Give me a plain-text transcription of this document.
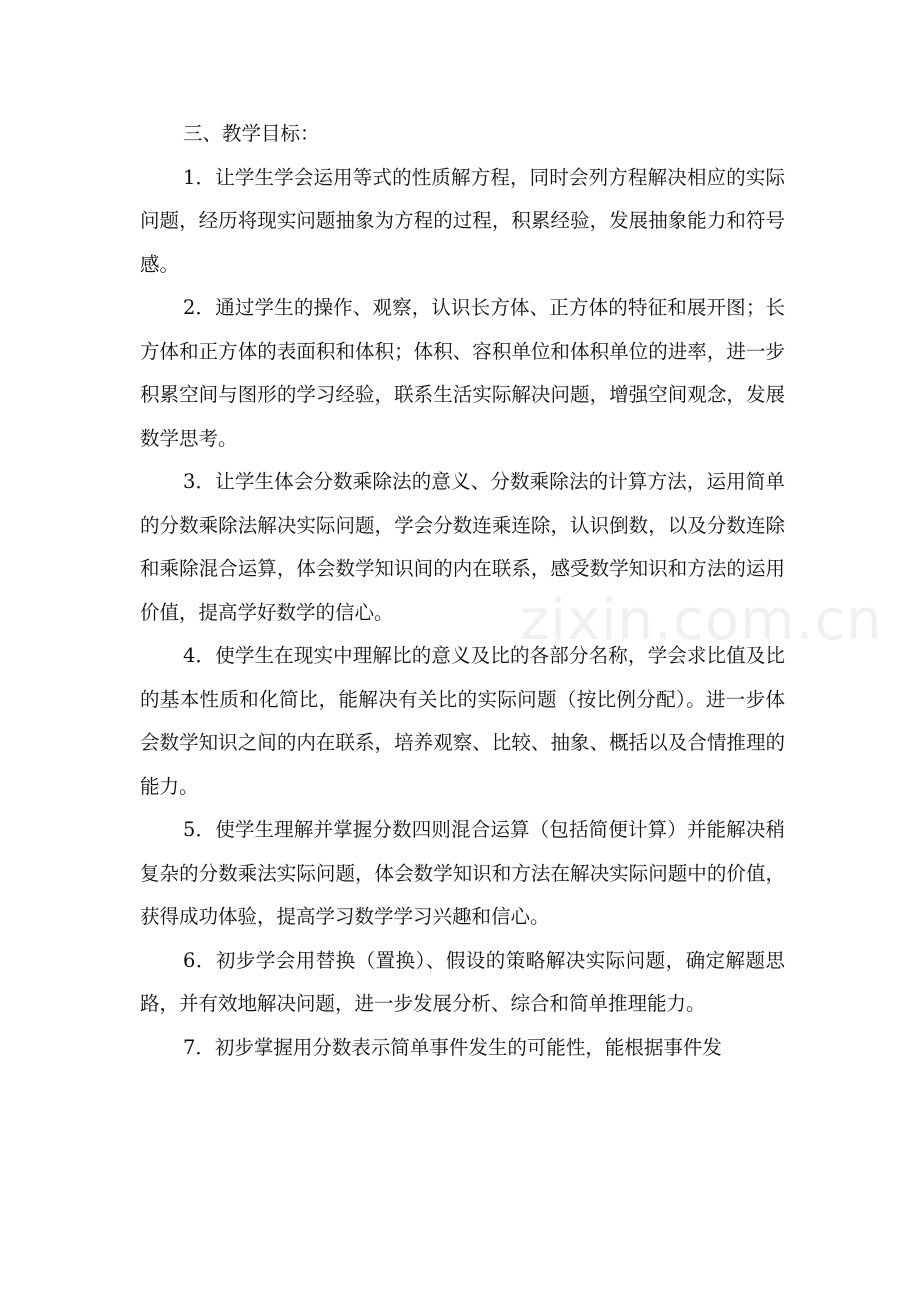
三、教学目标：

1．让学生学会运用等式的性质解方程，同时会列方程解决相应的实际问题，经历将现实问题抽象为方程的过程，积累经验，发展抽象能力和符号感。

2．通过学生的操作、观察，认识长方体、正方体的特征和展开图；长方体和正方体的表面积和体积；体积、容积单位和体积单位的进率，进一步积累空间与图形的学习经验，联系生活实际解决问题，增强空间观念，发展数学思考。

3．让学生体会分数乘除法的意义、分数乘除法的计算方法，运用简单的分数乘除法解决实际问题，学会分数连乘连除，认识倒数，以及分数连除和乘除混合运算，体会数学知识间的内在联系，感受数学知识和方法的运用价值，提高学好数学的信心。

4．使学生在现实中理解比的意义及比的各部分名称，学会求比值及比的基本性质和化简比，能解决有关比的实际问题（按比例分配）。进一步体会数学知识之间的内在联系，培养观察、比较、抽象、概括以及合情推理的能力。

5．使学生理解并掌握分数四则混合运算（包括简便计算）并能解决稍复杂的分数乘法实际问题，体会数学知识和方法在解决实际问题中的价值，获得成功体验，提高学习数学学习兴趣和信心。

6．初步学会用替换（置换）、假设的策略解决实际问题，确定解题思路，并有效地解决问题，进一步发展分析、综合和简单推理能力。

7．初步掌握用分数表示简单事件发生的可能性，能根据事件发

zixin.com.cn
